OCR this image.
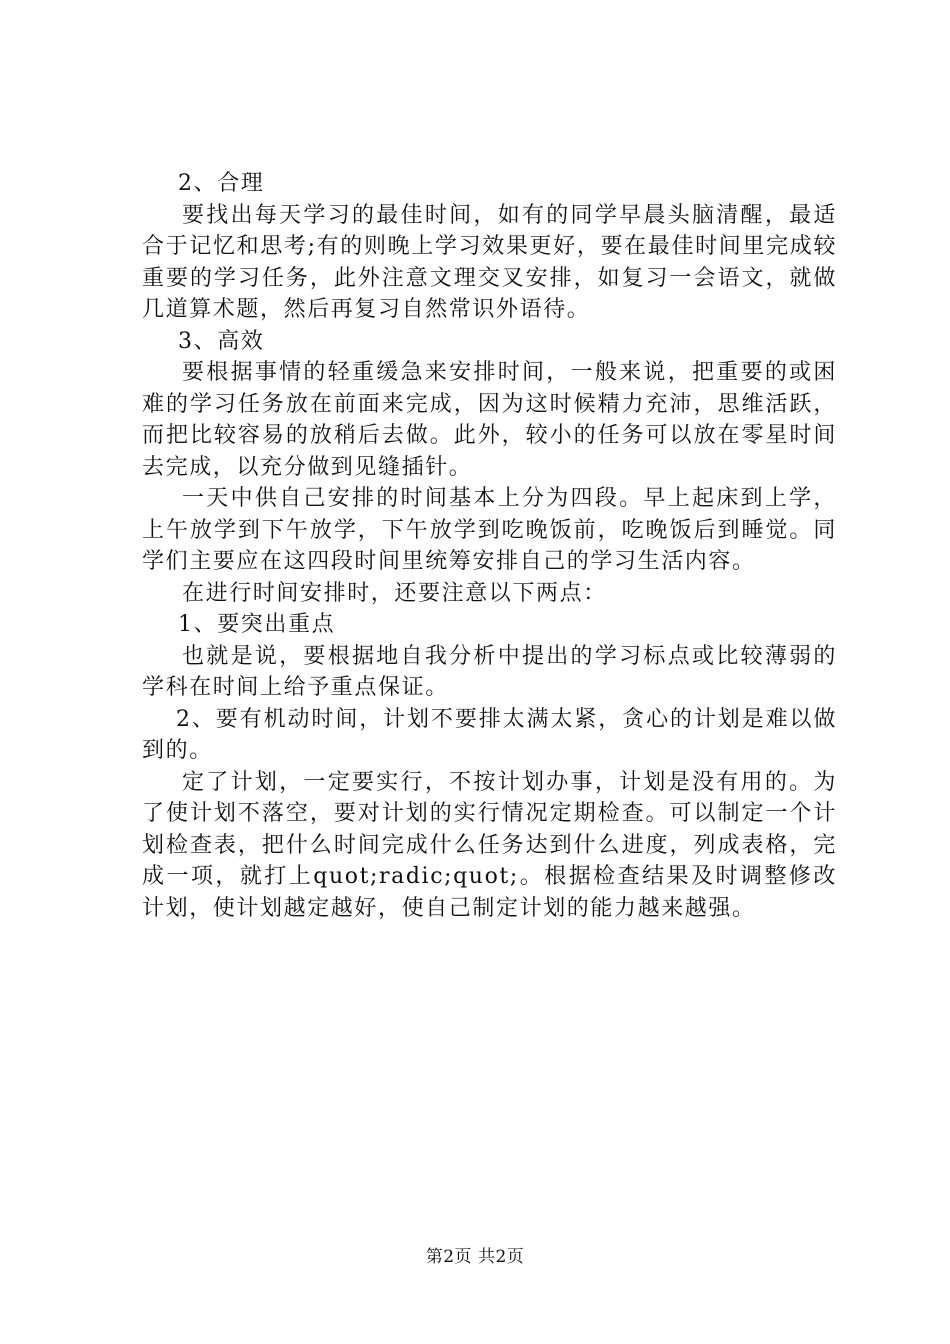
2、合理

要找出每天学习的最佳时间，如有的同学早晨头脑清醒，最适合于记忆和思考;有的则晚上学习效果更好，要在最佳时间里完成较重要的学习任务，此外注意文理交叉安排，如复习一会语文，就做几道算术题，然后再复习自然常识外语待。

3、高效

要根据事情的轻重缓急来安排时间，一般来说，把重要的或困难的学习任务放在前面来完成，因为这时候精力充沛，思维活跃，而把比较容易的放稍后去做。此外，较小的任务可以放在零星时间去完成，以充分做到见缝插针。

一天中供自己安排的时间基本上分为四段。早上起床到上学，上午放学到下午放学，下午放学到吃晚饭前，吃晚饭后到睡觉。同学们主要应在这四段时间里统筹安排自己的学习生活内容。

在进行时间安排时，还要注意以下两点：

1、要突出重点

也就是说，要根据地自我分析中提出的学习标点或比较薄弱的学科在时间上给予重点保证。

2、要有机动时间，计划不要排太满太紧，贪心的计划是难以做到的。

定了计划，一定要实行，不按计划办事，计划是没有用的。为了使计划不落空，要对计划的实行情况定期检查。可以制定一个计划检查表，把什么时间完成什么任务达到什么进度，列成表格，完成一项，就打上quot;radic;quot;。根据检查结果及时调整修改计划，使计划越定越好，使自己制定计划的能力越来越强。

第2页 共2页
